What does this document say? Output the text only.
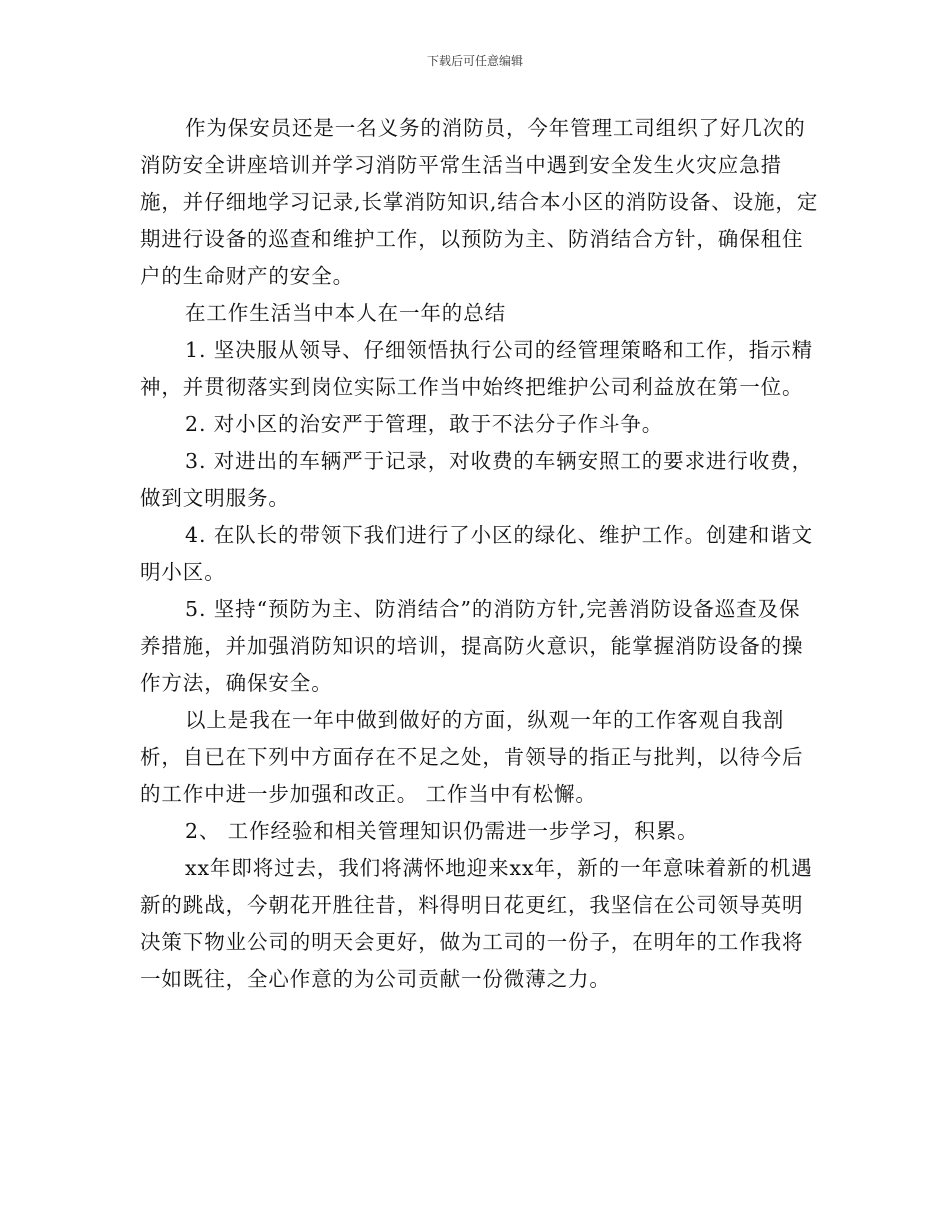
下载后可任意编辑

作为保安员还是一名义务的消防员，今年管理工司组织了好几次的消防安全讲座培训并学习消防平常生活当中遇到安全发生火灾应急措施，并仔细地学习记录,长掌消防知识,结合本小区的消防设备、设施，定期进行设备的巡查和维护工作，以预防为主、防消结合方针，确保租住户的生命财产的安全。

在工作生活当中本人在一年的总结

1. 坚决服从领导、仔细领悟执行公司的经管理策略和工作，指示精神，并贯彻落实到岗位实际工作当中始终把维护公司利益放在第一位。

2. 对小区的治安严于管理，敢于不法分子作斗争。

3. 对进出的车辆严于记录，对收费的车辆安照工的要求进行收费，做到文明服务。

4. 在队长的带领下我们进行了小区的绿化、维护工作。创建和谐文明小区。

5. 坚持“预防为主、防消结合”的消防方针,完善消防设备巡查及保养措施，并加强消防知识的培训，提高防火意识，能掌握消防设备的操作方法，确保安全。

以上是我在一年中做到做好的方面，纵观一年的工作客观自我剖析，自已在下列中方面存在不足之处，肯领导的指正与批判，以待今后的工作中进一步加强和改正。 工作当中有松懈。

2、 工作经验和相关管理知识仍需进一步学习，积累。

xx年即将过去，我们将满怀地迎来xx年，新的一年意味着新的机遇新的跳战，今朝花开胜往昔，料得明日花更红，我坚信在公司领导英明决策下物业公司的明天会更好，做为工司的一份子，在明年的工作我将一如既往，全心作意的为公司贡献一份微薄之力。
